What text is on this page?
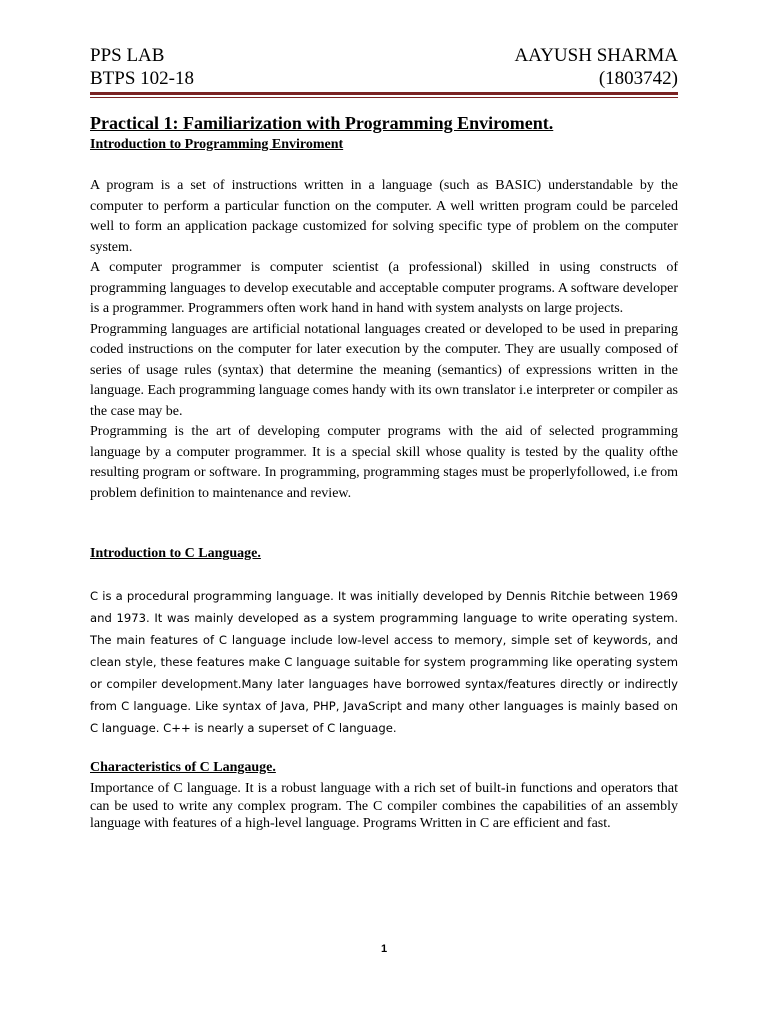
PPS LAB	AAYUSH SHARMA
BTPS 102-18	(1803742)
Practical 1: Familiarization with Programming Enviroment.
Introduction to Programming Enviroment

A program is a set of instructions written in a language (such as BASIC) understandable by the computer to perform a particular function on the computer. A well written program could be parceled well to form an application package customized for solving specific type of problem on the computer system.

A computer programmer is computer scientist (a professional) skilled in using constructs of programming languages to develop executable and acceptable computer programs. A software developer is a programmer. Programmers often work hand in hand with system analysts on large projects.

Programming languages are artificial notational languages created or developed to be used in preparing coded instructions on the computer for later execution by the computer. They are usually composed of series of usage rules (syntax) that determine the meaning (semantics) of expressions written in the language. Each programming language comes handy with its own translator i.e interpreter or compiler as the case may be.

Programming is the art of developing computer programs with the aid of selected programming language by a computer programmer. It is a special skill whose quality is tested by the quality ofthe resulting program or software. In programming, programming stages must be properlyfollowed, i.e from problem definition to maintenance and review.

Introduction to C Language.

C is a procedural programming language. It was initially developed by Dennis Ritchie between 1969 and 1973. It was mainly developed as a system programming language to write operating system. The main features of C language include low-level access to memory, simple set of keywords, and clean style, these features make C language suitable for system programming like operating system or compiler development.Many later languages have borrowed syntax/features directly or indirectly from C language. Like syntax of Java, PHP, JavaScript and many other languages is mainly based on C language. C++ is nearly a superset of C language.

Characteristics of C Langauge.

Importance of C language. It is a robust language with a rich set of built-in functions and operators that can be used to write any complex program. The C compiler combines the capabilities of an assembly language with features of a high-level language. Programs Written in C are efficient and fast.

1
